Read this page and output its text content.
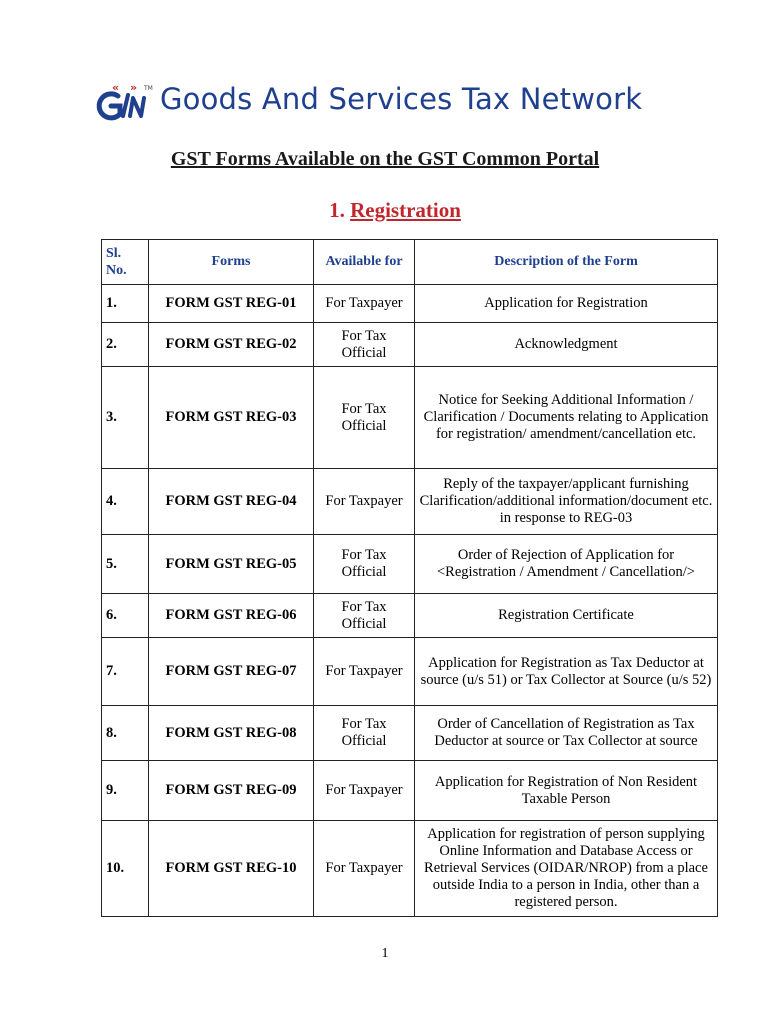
« » TM Goods And Services Tax Network
GST Forms Available on the GST Common Portal
1. Registration
Sl. No.	Forms	Available for	Description of the Form
1.	FORM GST REG-01	For Taxpayer	Application for Registration
2.	FORM GST REG-02	For Tax Official	Acknowledgment
3.	FORM GST REG-03	For Tax Official	Notice for Seeking Additional Information / Clarification / Documents relating to Application for registration/ amendment/cancellation etc.
4.	FORM GST REG-04	For Taxpayer	Reply of the taxpayer/applicant furnishing Clarification/additional information/document etc. in response to REG-03
5.	FORM GST REG-05	For Tax Official	Order of Rejection of Application for <Registration / Amendment / Cancellation/>
6.	FORM GST REG-06	For Tax Official	Registration Certificate
7.	FORM GST REG-07	For Taxpayer	Application for Registration as Tax Deductor at source (u/s 51) or Tax Collector at Source (u/s 52)
8.	FORM GST REG-08	For Tax Official	Order of Cancellation of Registration as Tax Deductor at source or Tax Collector at source
9.	FORM GST REG-09	For Taxpayer	Application for Registration of Non Resident Taxable Person
10.	FORM GST REG-10	For Taxpayer	Application for registration of person supplying Online Information and Database Access or Retrieval Services (OIDAR/NROP) from a place outside India to a person in India, other than a registered person.
1
